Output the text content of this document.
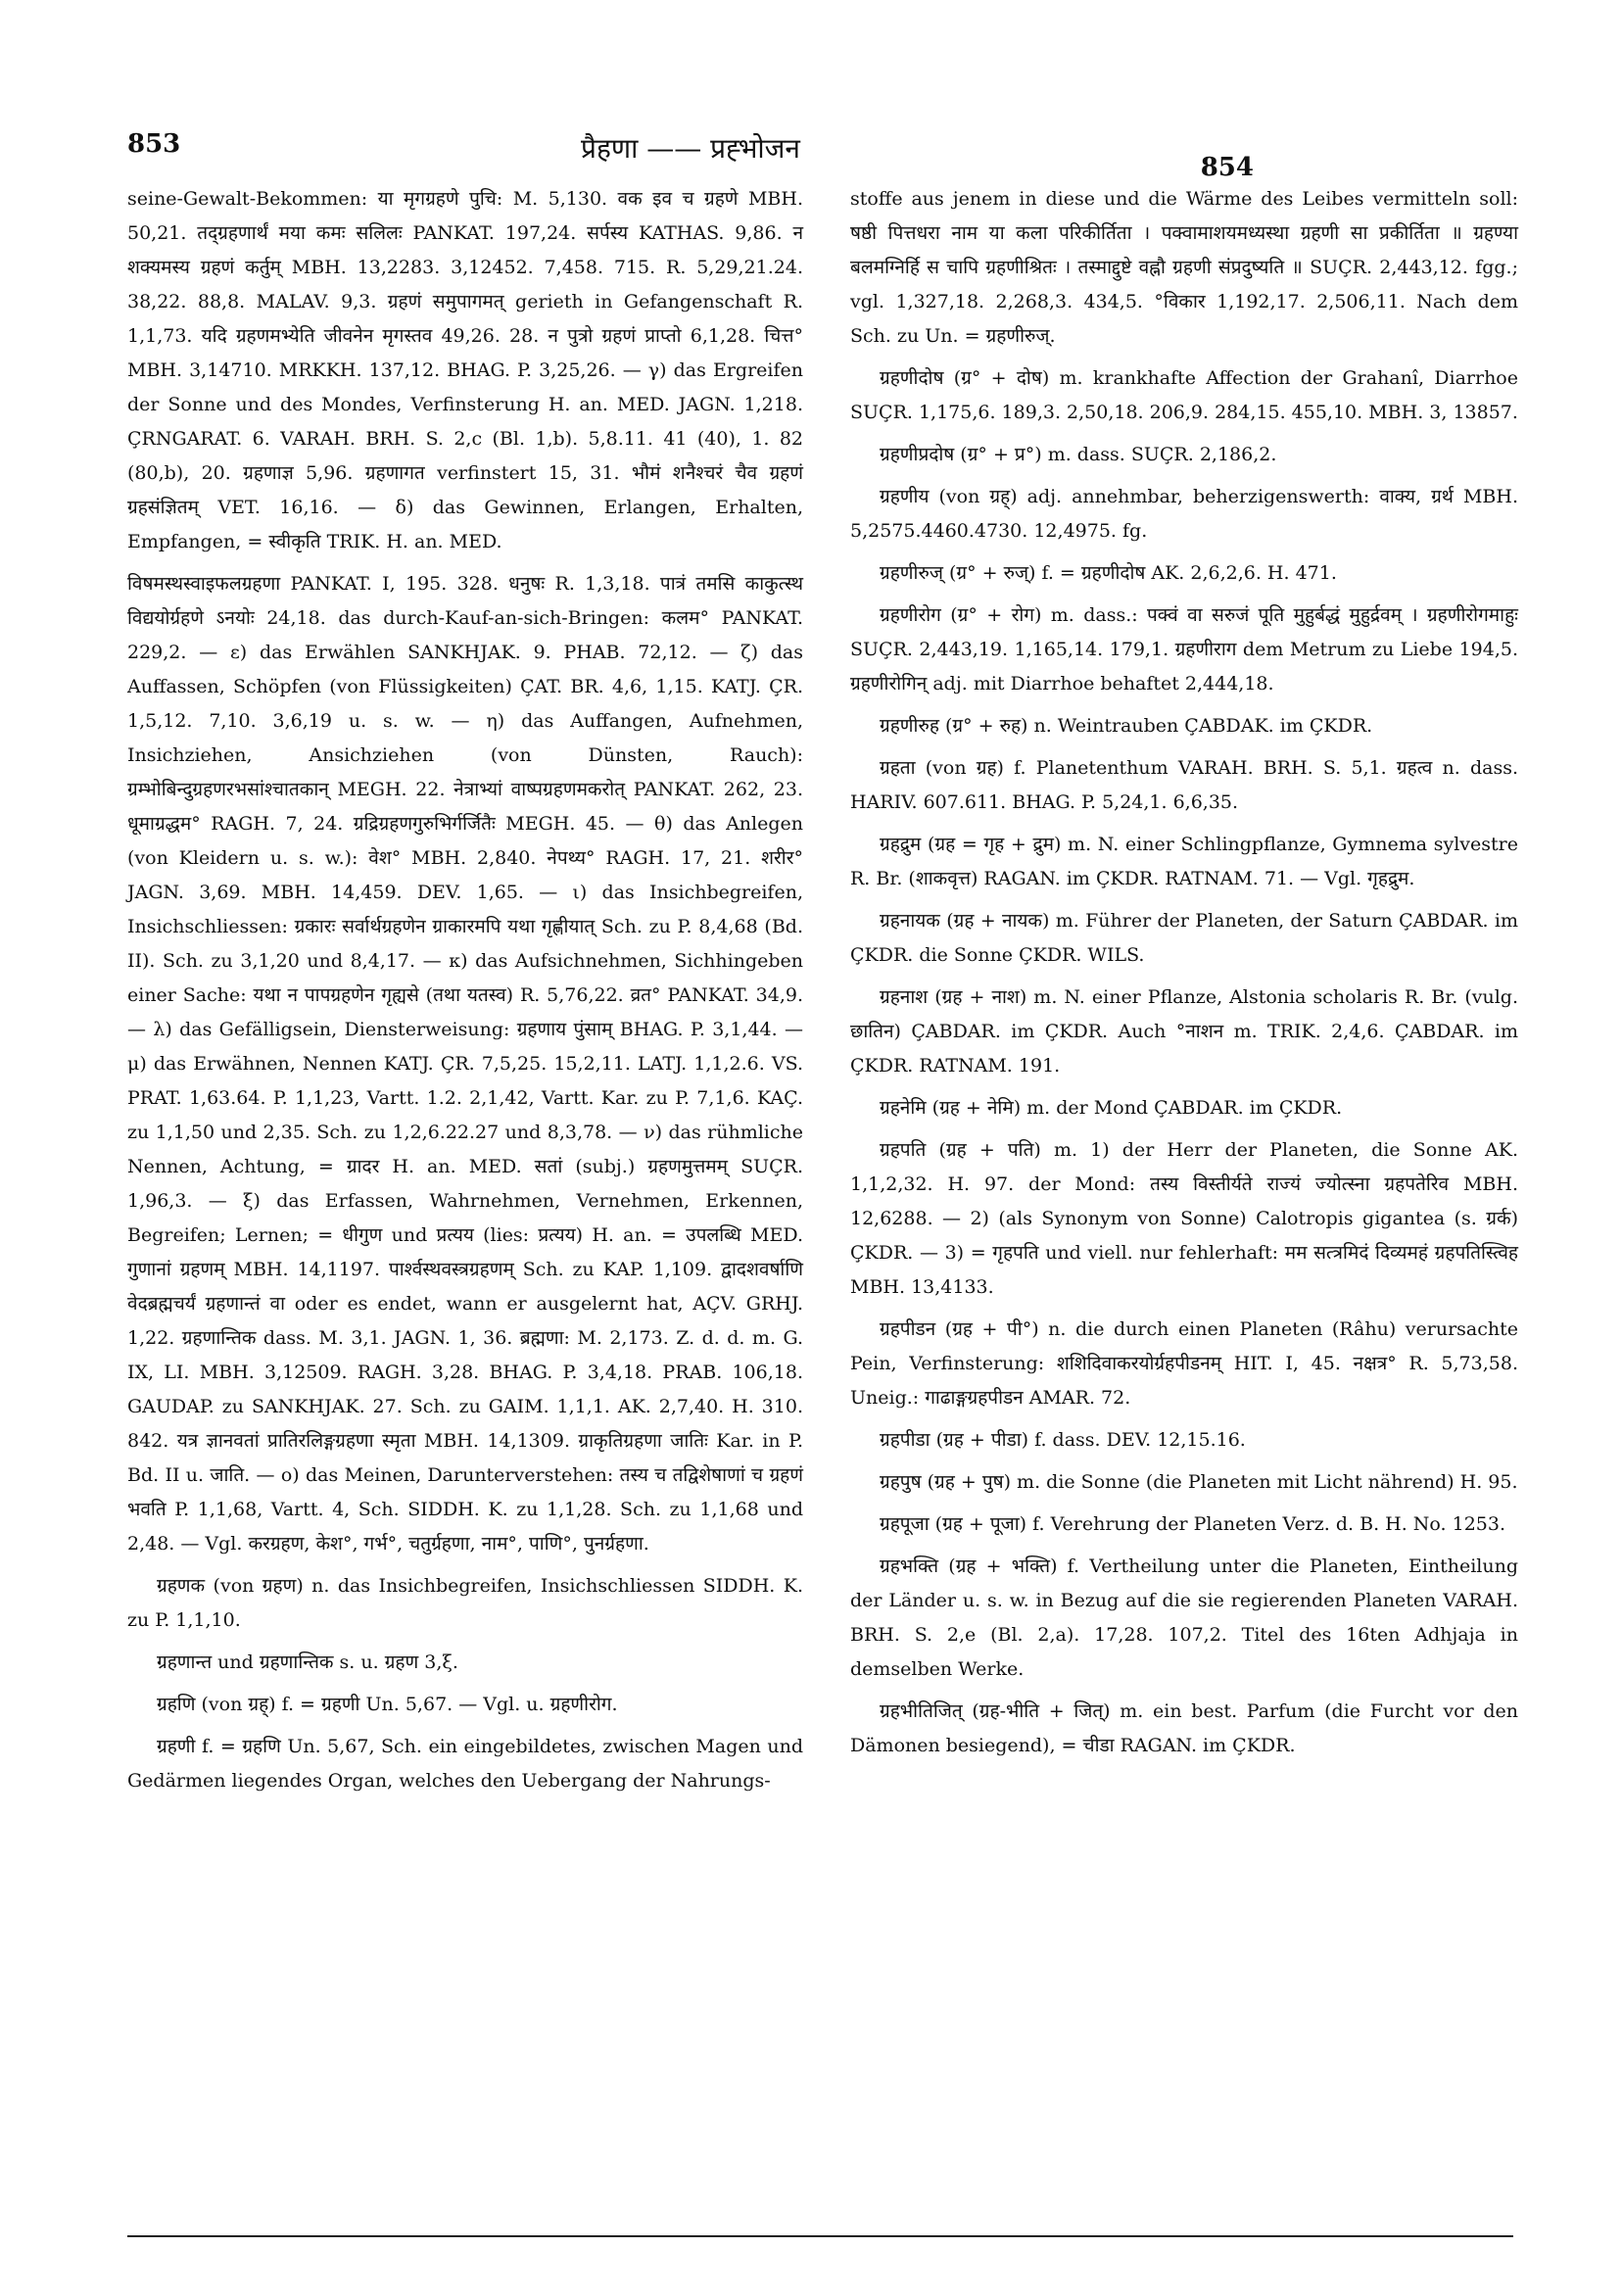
853	प्रैहणा —— प्रह्भोजन
854

seine-Gewalt-Bekommen: या मृगग्रहणे पुचि: M. 5,130. वक इव च ग्रहणे MBH. 50,21. तद्ग्रहणार्थं मया कमः सलिलः PANKAT. 197,24. सर्पस्य KATHAS. 9,86. न शक्यमस्य ग्रहणं कर्तुम् MBH. 13,2283. 3,12452. 7,458. 715. R. 5,29,21.24. 38,22. 88,8. MALAV. 9,3. ग्रहणं समुपागमत् gerieth in Gefangenschaft R. 1,1,73. यदि ग्रहणमभ्येति जीवनेन मृगस्तव 49,26. 28. न पुत्रो ग्रहणं प्राप्तो 6,1,28. चित्त° MBH. 3,14710. MRKKH. 137,12. BHAG. P. 3,25,26. — γ) das Ergreifen der Sonne und des Mondes, Verfinsterung H. an. MED. JAGN. 1,218. ÇRNGARAT. 6. VARAH. BRH. S. 2,c (Bl. 1,b). 5,8.11. 41 (40), 1. 82 (80,b), 20. ग्रहणाज्ञ 5,96. ग्रहणागत verfinstert 15, 31. भौमं शनैश्चरं चैव ग्रहणं ग्रहसंज्ञितम् VET. 16,16. — δ) das Gewinnen, Erlangen, Erhalten, Empfangen, = स्वीकृति TRIK. H. an. MED.

विषमस्थस्वाइफलग्रहणा PANKAT. I, 195. 328. धनुषः R. 1,3,18. पात्रं तमसि काकुत्स्थ विद्ययोर्ग्रहणे ऽनयोः 24,18. das durch-Kauf-an-sich-Bringen: कलम° PANKAT. 229,2. — ε) das Erwählen SANKHJAK. 9. PHAB. 72,12. — ζ) das Auffassen, Schöpfen (von Flüssigkeiten) ÇAT. BR. 4,6, 1,15. KATJ. ÇR. 1,5,12. 7,10. 3,6,19 u. s. w. — η) das Auffangen, Aufnehmen, Insichziehen, Ansichziehen (von Dünsten, Rauch): ग्रम्भोबिन्दुग्रहणरभसांश्चातकान् MEGH. 22. नेत्राभ्यां वाष्पग्रहणमकरोत् PANKAT. 262, 23. धूमाग्रद्धम° RAGH. 7, 24. ग्रद्रिग्रहणगुरुभिर्गर्जितैः MEGH. 45. — θ) das Anlegen (von Kleidern u. s. w.): वेश° MBH. 2,840. नेपथ्य° RAGH. 17, 21. शरीर° JAGN. 3,69. MBH. 14,459. DEV. 1,65. — ι) das Insichbegreifen, Insichschliessen: ग्रकारः सर्वार्थग्रहणेन ग्राकारमपि यथा गृह्णीयात् Sch. zu P. 8,4,68 (Bd. II). Sch. zu 3,1,20 und 8,4,17. — κ) das Aufsichnehmen, Sichhingeben einer Sache: यथा न पापग्रहणेन गृह्यसे (तथा यतस्व) R. 5,76,22. व्रत° PANKAT. 34,9. — λ) das Gefälligsein, Diensterweisung: ग्रहणाय पुंसाम् BHAG. P. 3,1,44. — μ) das Erwähnen, Nennen KATJ. ÇR. 7,5,25. 15,2,11. LATJ. 1,1,2.6. VS. PRAT. 1,63.64. P. 1,1,23, Vartt. 1.2. 2,1,42, Vartt. Kar. zu P. 7,1,6. KAÇ. zu 1,1,50 und 2,35. Sch. zu 1,2,6.22.27 und 8,3,78. — ν) das rühmliche Nennen, Achtung, = ग्रादर H. an. MED. सतां (subj.) ग्रहणमुत्तमम् SUÇR. 1,96,3. — ξ) das Erfassen, Wahrnehmen, Vernehmen, Erkennen, Begreifen; Lernen; = धीगुण und प्रत्यय (lies: प्रत्यय) H. an. = उपलब्धि MED. गुणानां ग्रहणम् MBH. 14,1197. पार्श्वस्थवस्त्रग्रहणम् Sch. zu KAP. 1,109. द्वादशवर्षाणि वेदब्रह्मचर्यं ग्रहणान्तं वा oder es endet, wann er ausgelernt hat, AÇV. GRHJ. 1,22. ग्रहणान्तिक dass. M. 3,1. JAGN. 1, 36. ब्रह्मणा: M. 2,173. Z. d. d. m. G. IX, LI. MBH. 3,12509. RAGH. 3,28. BHAG. P. 3,4,18. PRAB. 106,18. GAUDAP. zu SANKHJAK. 27. Sch. zu GAIM. 1,1,1. AK. 2,7,40. H. 310. 842. यत्र ज्ञानवतां प्रातिरलिङ्गग्रहणा स्मृता MBH. 14,1309. ग्राकृतिग्रहणा जातिः Kar. in P. Bd. II u. जाति. — ο) das Meinen, Darunterverstehen: तस्य च तद्विशेषाणां च ग्रहणं भवति P. 1,1,68, Vartt. 4, Sch. SIDDH. K. zu 1,1,28. Sch. zu 1,1,68 und 2,48. — Vgl. करग्रहण, केश°, गर्भ°, चतुर्ग्रहणा, नाम°, पाणि°, पुनर्ग्रहणा.

ग्रहणक (von ग्रहण) n. das Insichbegreifen, Insichschliessen SIDDH. K. zu P. 1,1,10.

ग्रहणान्त und ग्रहणान्तिक s. u. ग्रहण 3,ξ.

ग्रहणि (von ग्रह्) f. = ग्रहणी Un. 5,67. — Vgl. u. ग्रहणीरोग.

ग्रहणी f. = ग्रहणि Un. 5,67, Sch. ein eingebildetes, zwischen Magen und Gedärmen liegendes Organ, welches den Uebergang der Nahrungs-

stoffe aus jenem in diese und die Wärme des Leibes vermitteln soll: षष्ठी पित्तधरा नाम या कला परिकीर्तिता । पक्वामाशयमध्यस्था ग्रहणी सा प्रकीर्तिता ॥ ग्रहण्या बलमग्निर्हि स चापि ग्रहणीश्रितः । तस्माद्दुष्टे वह्नौ ग्रहणी संप्रदुष्यति ॥ SUÇR. 2,443,12. fgg.; vgl. 1,327,18. 2,268,3. 434,5. °विकार 1,192,17. 2,506,11. Nach dem Sch. zu Un. = ग्रहणीरुज्.

ग्रहणीदोष (ग्र° + दोष) m. krankhafte Affection der Grahanî, Diarrhoe SUÇR. 1,175,6. 189,3. 2,50,18. 206,9. 284,15. 455,10. MBH. 3, 13857.

ग्रहणीप्रदोष (ग्र° + प्र°) m. dass. SUÇR. 2,186,2.

ग्रहणीय (von ग्रह्) adj. annehmbar, beherzigenswerth: वाक्य, ग्रर्थ MBH. 5,2575.4460.4730. 12,4975. fg.

ग्रहणीरुज् (ग्र° + रुज्) f. = ग्रहणीदोष AK. 2,6,2,6. H. 471.

ग्रहणीरोग (ग्र° + रोग) m. dass.: पक्वं वा सरुजं पूति मुहुर्बद्धं मुहुर्द्रवम् । ग्रहणीरोगमाहुः SUÇR. 2,443,19. 1,165,14. 179,1. ग्रहणीराग dem Metrum zu Liebe 194,5. ग्रहणीरोगिन् adj. mit Diarrhoe behaftet 2,444,18.

ग्रहणीरुह (ग्र° + रुह) n. Weintrauben ÇABDAK. im ÇKDR.

ग्रहता (von ग्रह) f. Planetenthum VARAH. BRH. S. 5,1. ग्रहत्व n. dass. HARIV. 607.611. BHAG. P. 5,24,1. 6,6,35.

ग्रहद्रुम (ग्रह = गृह + द्रुम) m. N. einer Schlingpflanze, Gymnema sylvestre R. Br. (शाकवृत्त) RAGAN. im ÇKDR. RATNAM. 71. — Vgl. गृहद्रुम.

ग्रहनायक (ग्रह + नायक) m. Führer der Planeten, der Saturn ÇABDAR. im ÇKDR. die Sonne ÇKDR. WILS.

ग्रहनाश (ग्रह + नाश) m. N. einer Pflanze, Alstonia scholaris R. Br. (vulg. छातिन) ÇABDAR. im ÇKDR. Auch °नाशन m. TRIK. 2,4,6. ÇABDAR. im ÇKDR. RATNAM. 191.

ग्रहनेमि (ग्रह + नेमि) m. der Mond ÇABDAR. im ÇKDR.

ग्रहपति (ग्रह + पति) m. 1) der Herr der Planeten, die Sonne AK. 1,1,2,32. H. 97. der Mond: तस्य विस्तीर्यते राज्यं ज्योत्स्ना ग्रहपतेरिव MBH. 12,6288. — 2) (als Synonym von Sonne) Calotropis gigantea (s. ग्रर्क) ÇKDR. — 3) = गृहपति und viell. nur fehlerhaft: मम सत्त्रमिदं दिव्यमहं ग्रहपतिस्त्विह MBH. 13,4133.

ग्रहपीडन (ग्रह + पी°) n. die durch einen Planeten (Râhu) verursachte Pein, Verfinsterung: शशिदिवाकरयोर्ग्रहपीडनम् HIT. I, 45. नक्षत्र° R. 5,73,58. Uneig.: गाढाङ्गग्रहपीडन AMAR. 72.

ग्रहपीडा (ग्रह + पीडा) f. dass. DEV. 12,15.16.

ग्रहपुष (ग्रह + पुष) m. die Sonne (die Planeten mit Licht nährend) H. 95.

ग्रहपूजा (ग्रह + पूजा) f. Verehrung der Planeten Verz. d. B. H. No. 1253.

ग्रहभक्ति (ग्रह + भक्ति) f. Vertheilung unter die Planeten, Eintheilung der Länder u. s. w. in Bezug auf die sie regierenden Planeten VARAH. BRH. S. 2,e (Bl. 2,a). 17,28. 107,2. Titel des 16ten Adhjaja in demselben Werke.

ग्रहभीतिजित् (ग्रह-भीति + जित्) m. ein best. Parfum (die Furcht vor den Dämonen besiegend), = चीडा RAGAN. im ÇKDR.
